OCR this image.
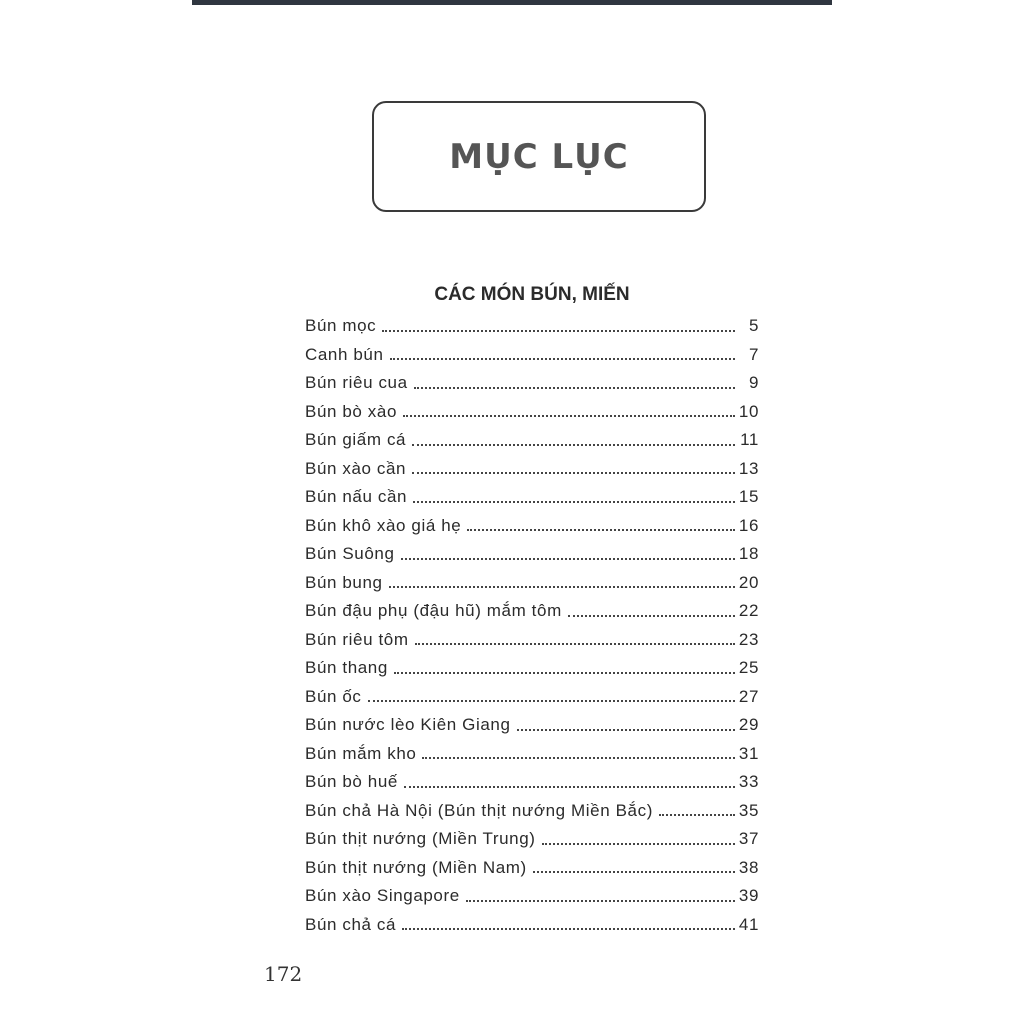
MỤC LỤC
CÁC MÓN BÚN, MIẾN
Bún mọc	5
Canh bún	7
Bún riêu cua	9
Bún bò xào	10
Bún giấm cá	11
Bún xào cần	13
Bún nấu cần	15
Bún khô xào giá hẹ	16
Bún Suông	18
Bún bung	20
Bún đậu phụ (đậu hũ) mắm tôm	22
Bún riêu tôm	23
Bún thang	25
Bún ốc	27
Bún nước lèo Kiên Giang	29
Bún mắm kho	31
Bún bò huế	33
Bún chả Hà Nội (Bún thịt nướng Miền Bắc)	35
Bún thịt nướng (Miền Trung)	37
Bún thịt nướng (Miền Nam)	38
Bún xào Singapore	39
Bún chả cá	41
172
